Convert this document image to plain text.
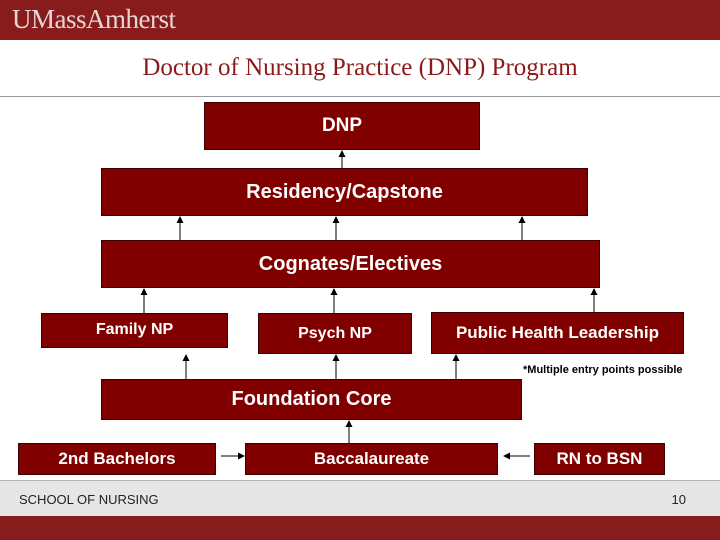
UMassAmherst
Doctor of Nursing Practice (DNP) Program
DNP
Residency/Capstone
Cognates/Electives
Family NP	Psych NP	Public Health Leadership
*Multiple entry points possible
Foundation Core
2nd Bachelors	Baccalaureate	RN to BSN
SCHOOL OF NURSING	10
